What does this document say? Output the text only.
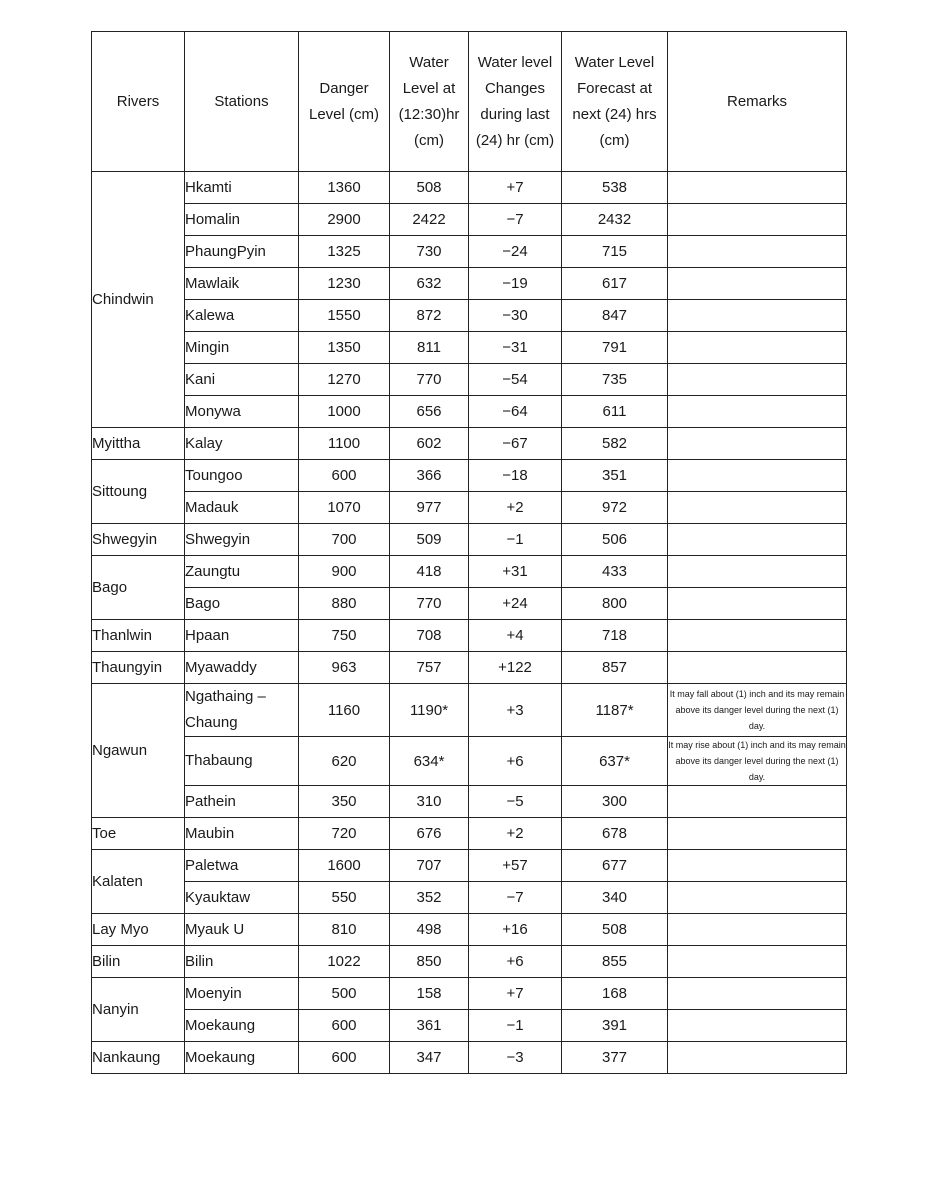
Rivers	Stations	Danger Level (cm)	Water Level at (12:30)hr (cm)	Water level Changes during last (24) hr (cm)	Water Level Forecast at next (24) hrs (cm)	Remarks
Chindwin	Hkamti	1360	508	+7	538	
	Homalin	2900	2422	−7	2432	
	PhaungPyin	1325	730	−24	715	
	Mawlaik	1230	632	−19	617	
	Kalewa	1550	872	−30	847	
	Mingin	1350	811	−31	791	
	Kani	1270	770	−54	735	
	Monywa	1000	656	−64	611	
Myittha	Kalay	1100	602	−67	582	
Sittoung	Toungoo	600	366	−18	351	
	Madauk	1070	977	+2	972	
Shwegyin	Shwegyin	700	509	−1	506	
Bago	Zaungtu	900	418	+31	433	
	Bago	880	770	+24	800	
Thanlwin	Hpaan	750	708	+4	718	
Thaungyin	Myawaddy	963	757	+122	857	
Ngawun	Ngathaing – Chaung	1160	1190*	+3	1187*	It may fall about (1) inch and its may remain above its danger level during the next (1) day.
	Thabaung	620	634*	+6	637*	It may rise about (1) inch and its may remain above its danger level during the next (1) day.
	Pathein	350	310	−5	300	
Toe	Maubin	720	676	+2	678	
Kalaten	Paletwa	1600	707	+57	677	
	Kyauktaw	550	352	−7	340	
Lay Myo	Myauk U	810	498	+16	508	
Bilin	Bilin	1022	850	+6	855	
Nanyin	Moenyin	500	158	+7	168	
	Moekaung	600	361	−1	391	
Nankaung	Moekaung	600	347	−3	377	
